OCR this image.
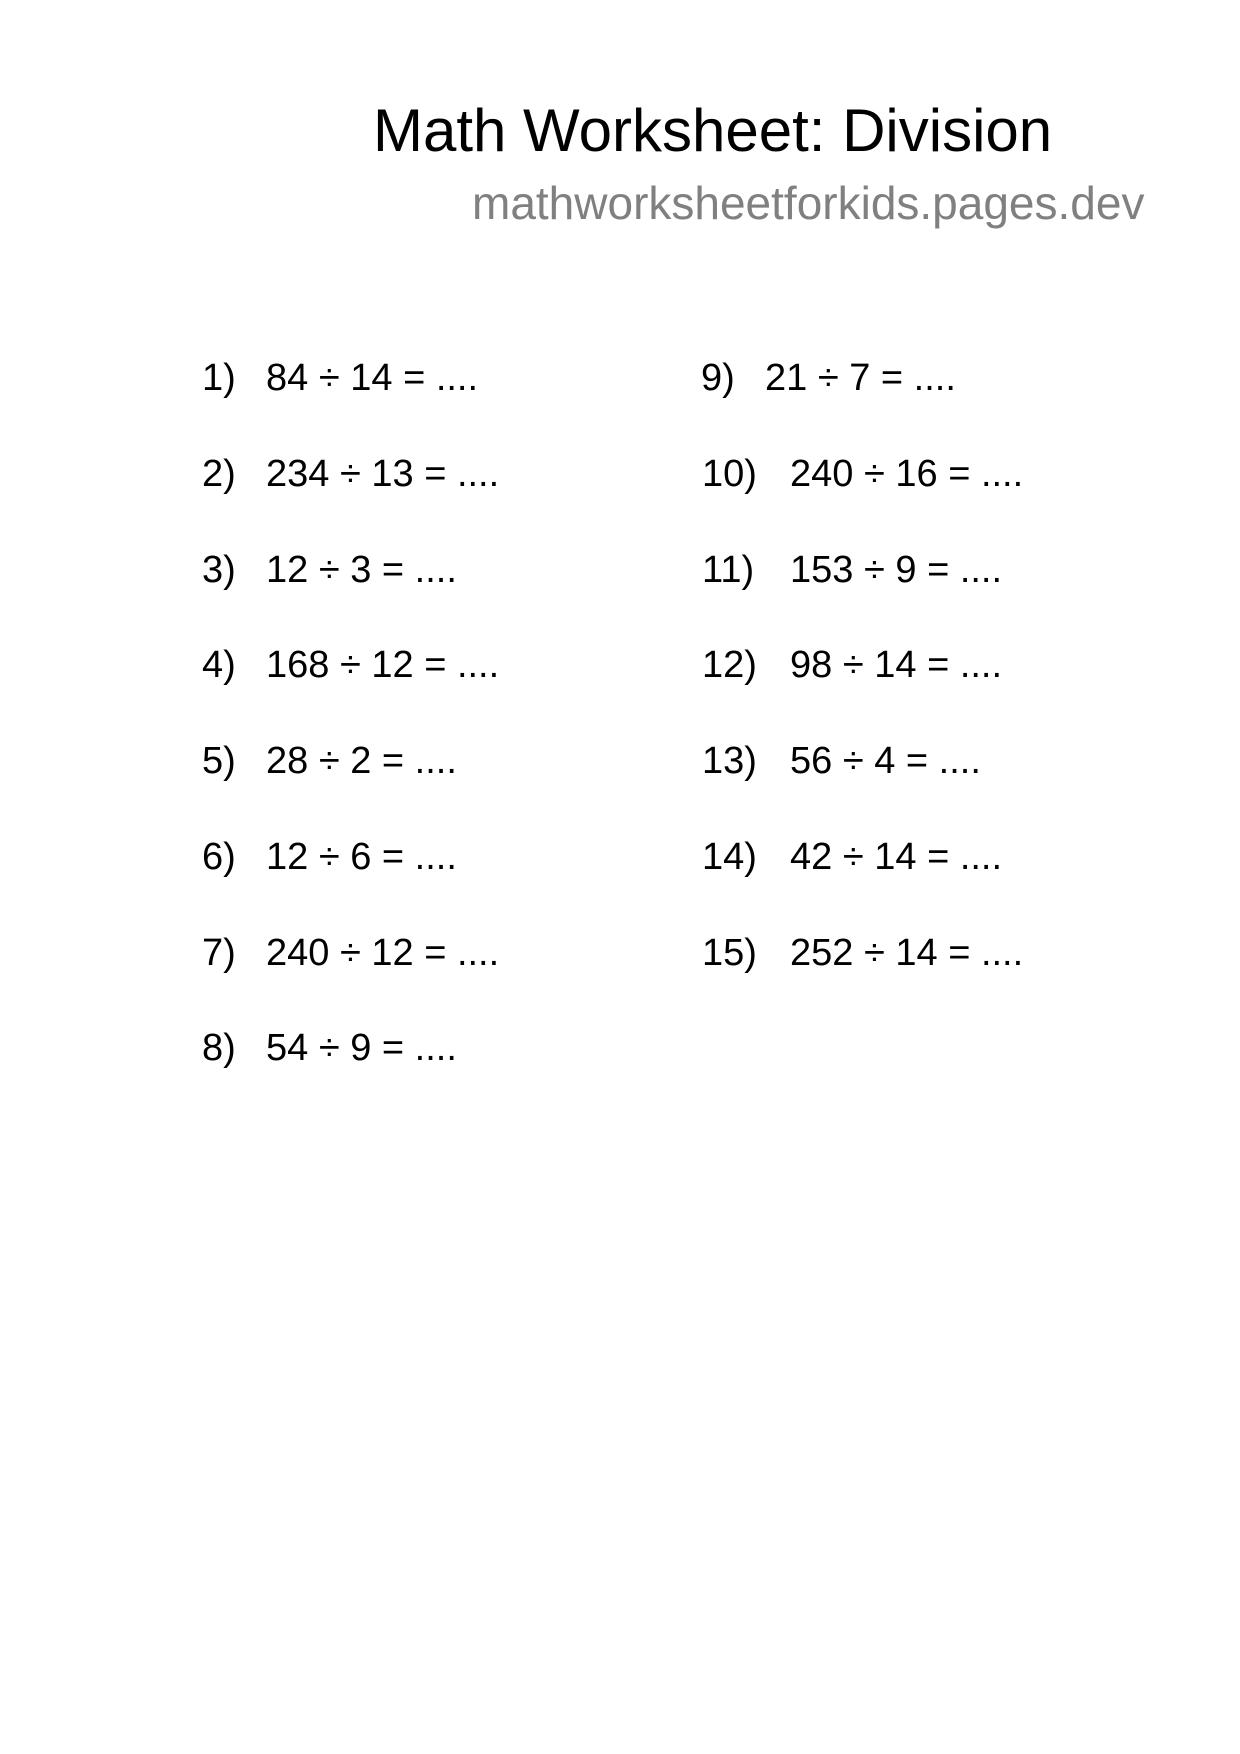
Math Worksheet: Division
mathworksheetforkids.pages.dev
1) 84 ÷ 14 = ....
2) 234 ÷ 13 = ....
3) 12 ÷ 3 = ....
4) 168 ÷ 12 = ....
5) 28 ÷ 2 = ....
6) 12 ÷ 6 = ....
7) 240 ÷ 12 = ....
8) 54 ÷ 9 = ....
9) 21 ÷ 7 = ....
10) 240 ÷ 16 = ....
11) 153 ÷ 9 = ....
12) 98 ÷ 14 = ....
13) 56 ÷ 4 = ....
14) 42 ÷ 14 = ....
15) 252 ÷ 14 = ....
